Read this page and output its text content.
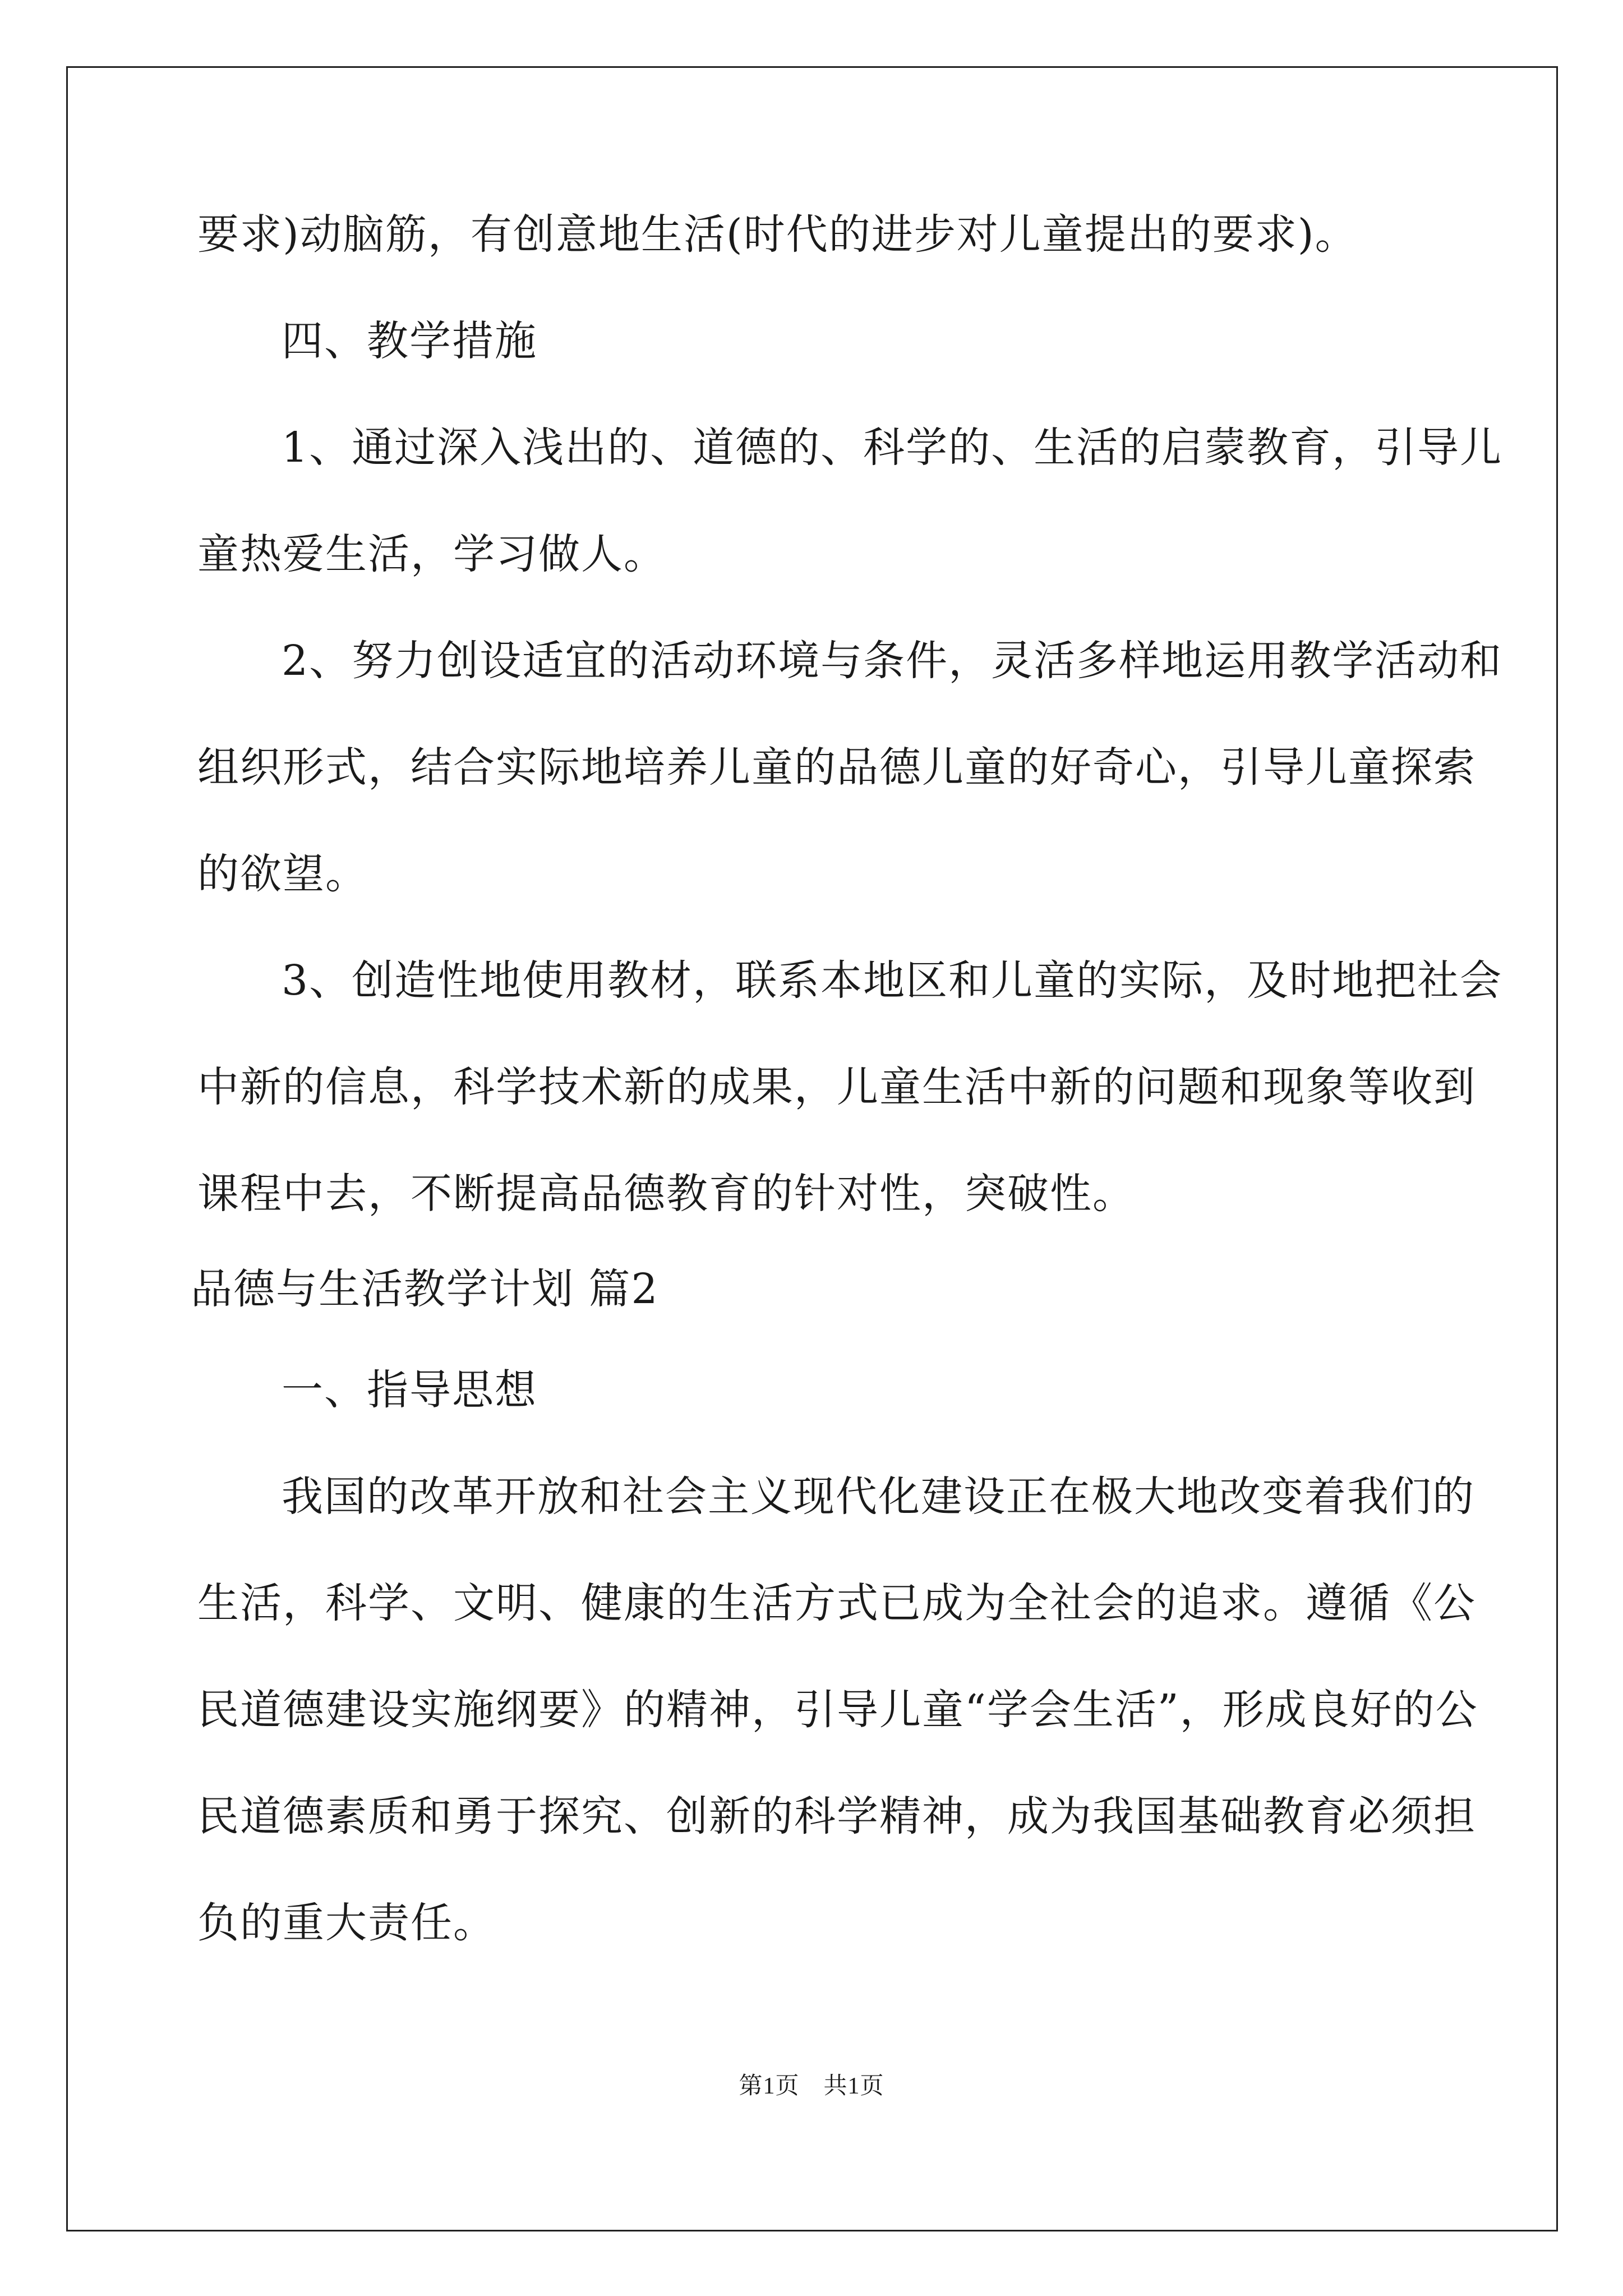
要求)动脑筋，有创意地生活(时代的进步对儿童提出的要求)。
四、教学措施
1、通过深入浅出的、道德的、科学的、生活的启蒙教育，引导儿
童热爱生活，学习做人。
2、努力创设适宜的活动环境与条件，灵活多样地运用教学活动和
组织形式，结合实际地培养儿童的品德儿童的好奇心，引导儿童探索
的欲望。
3、创造性地使用教材，联系本地区和儿童的实际，及时地把社会
中新的信息，科学技术新的成果，儿童生活中新的问题和现象等收到
课程中去，不断提高品德教育的针对性，突破性。
品德与生活教学计划 篇2
一、指导思想
我国的改革开放和社会主义现代化建设正在极大地改变着我们的
生活，科学、文明、健康的生活方式已成为全社会的追求。遵循《公
民道德建设实施纲要》的精神，引导儿童“学会生活”，形成良好的公
民道德素质和勇于探究、创新的科学精神，成为我国基础教育必须担
负的重大责任。
第1页　共1页
